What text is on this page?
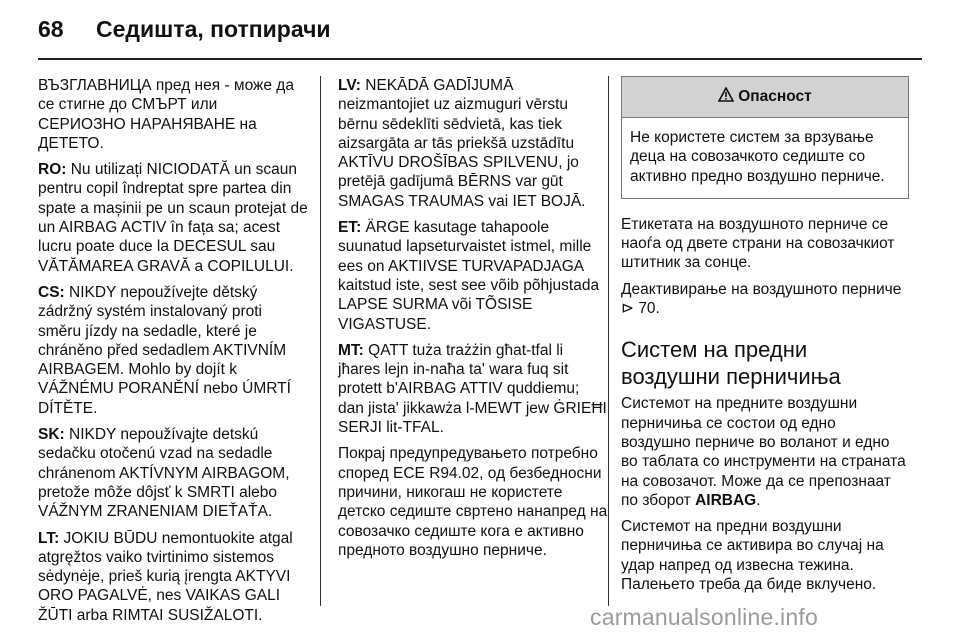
68 Седишта, потпирачи

ВЪЗГЛАВНИЦА пред нея - може да се стигне до СМЪРТ или СЕРИОЗНО НАРАНЯВАНЕ на ДЕТЕТО.

RO: Nu utilizați NICIODATĂ un scaun pentru copil îndreptat spre partea din spate a mașinii pe un scaun protejat de un AIRBAG ACTIV în fața sa; acest lucru poate duce la DECESUL sau VĂTĂMAREA GRAVĂ a COPILULUI.

CS: NIKDY nepoužívejte dětský zádržný systém instalovaný proti směru jízdy na sedadle, které je chráněno před sedadlem AKTIVNÍM AIRBAGEM. Mohlo by dojít k VÁŽNÉMU PORANĚNÍ nebo ÚMRTÍ DÍTĚTE.

SK: NIKDY nepoužívajte detskú sedačku otočenú vzad na sedadle chránenom AKTÍVNYM AIRBAGOM, pretože môže dôjsť k SMRTI alebo VÁŽNYM ZRANENIAM DIEŤAŤA.

LT: JOKIU BŪDU nemontuokite atgal atgręžtos vaiko tvirtinimo sistemos sėdynėje, prieš kurią įrengta AKTYVI ORO PAGALVĖ, nes VAIKAS GALI ŽŪTI arba RIMTAI SUSIŽALOTI.

LV: NEKĀDĀ GADĪJUMĀ neizmantojiet uz aizmuguri vērstu bērnu sēdeklīti sēdvietā, kas tiek aizsargāta ar tās priekšā uzstādītu AKTĪVU DROŠĪBAS SPILVENU, jo pretējā gadījumā BĒRNS var gūt SMAGAS TRAUMAS vai IET BOJĀ.

ET: ÄRGE kasutage tahapoole suunatud lapseturvaistet istmel, mille ees on AKTIIVSE TURVAPADJAGA kaitstud iste, sest see võib põhjustada LAPSE SURMA või TÕSISE VIGASTUSE.

MT: QATT tuża trażżin għat-tfal li jħares lejn in-naħa ta' wara fuq sit protett b'AIRBAG ATTIV quddiemu; dan jista' jikkawża l-MEWT jew ĠRIEĦI SERJI lit-TFAL.

Покрај предупредувањето потребно според ECE R94.02, од безбедносни причини, никогаш не користете детско седиште свртено нанапред на совозачко седиште кога е активно предното воздушно перниче.

Опасност
Не користете систем за врзување деца на совозачкото седиште со активно предно воздушно перниче.

Етикетата на воздушното перниче се наоѓа од двете страни на совозачкиот штитник за сонце.

Деактивирање на воздушното перниче ⊳ 70.

Систем на предни воздушни перничиња

Системот на предните воздушни перничиња се состои од едно воздушно перниче во воланот и едно во таблата со инструменти на страната на совозачот. Може да се препознаат по зборот AIRBAG.

Системот на предни воздушни перничиња се активира во случај на удар напред од извесна тежина. Палењето треба да биде вклучено.

carmanualsonline.info
